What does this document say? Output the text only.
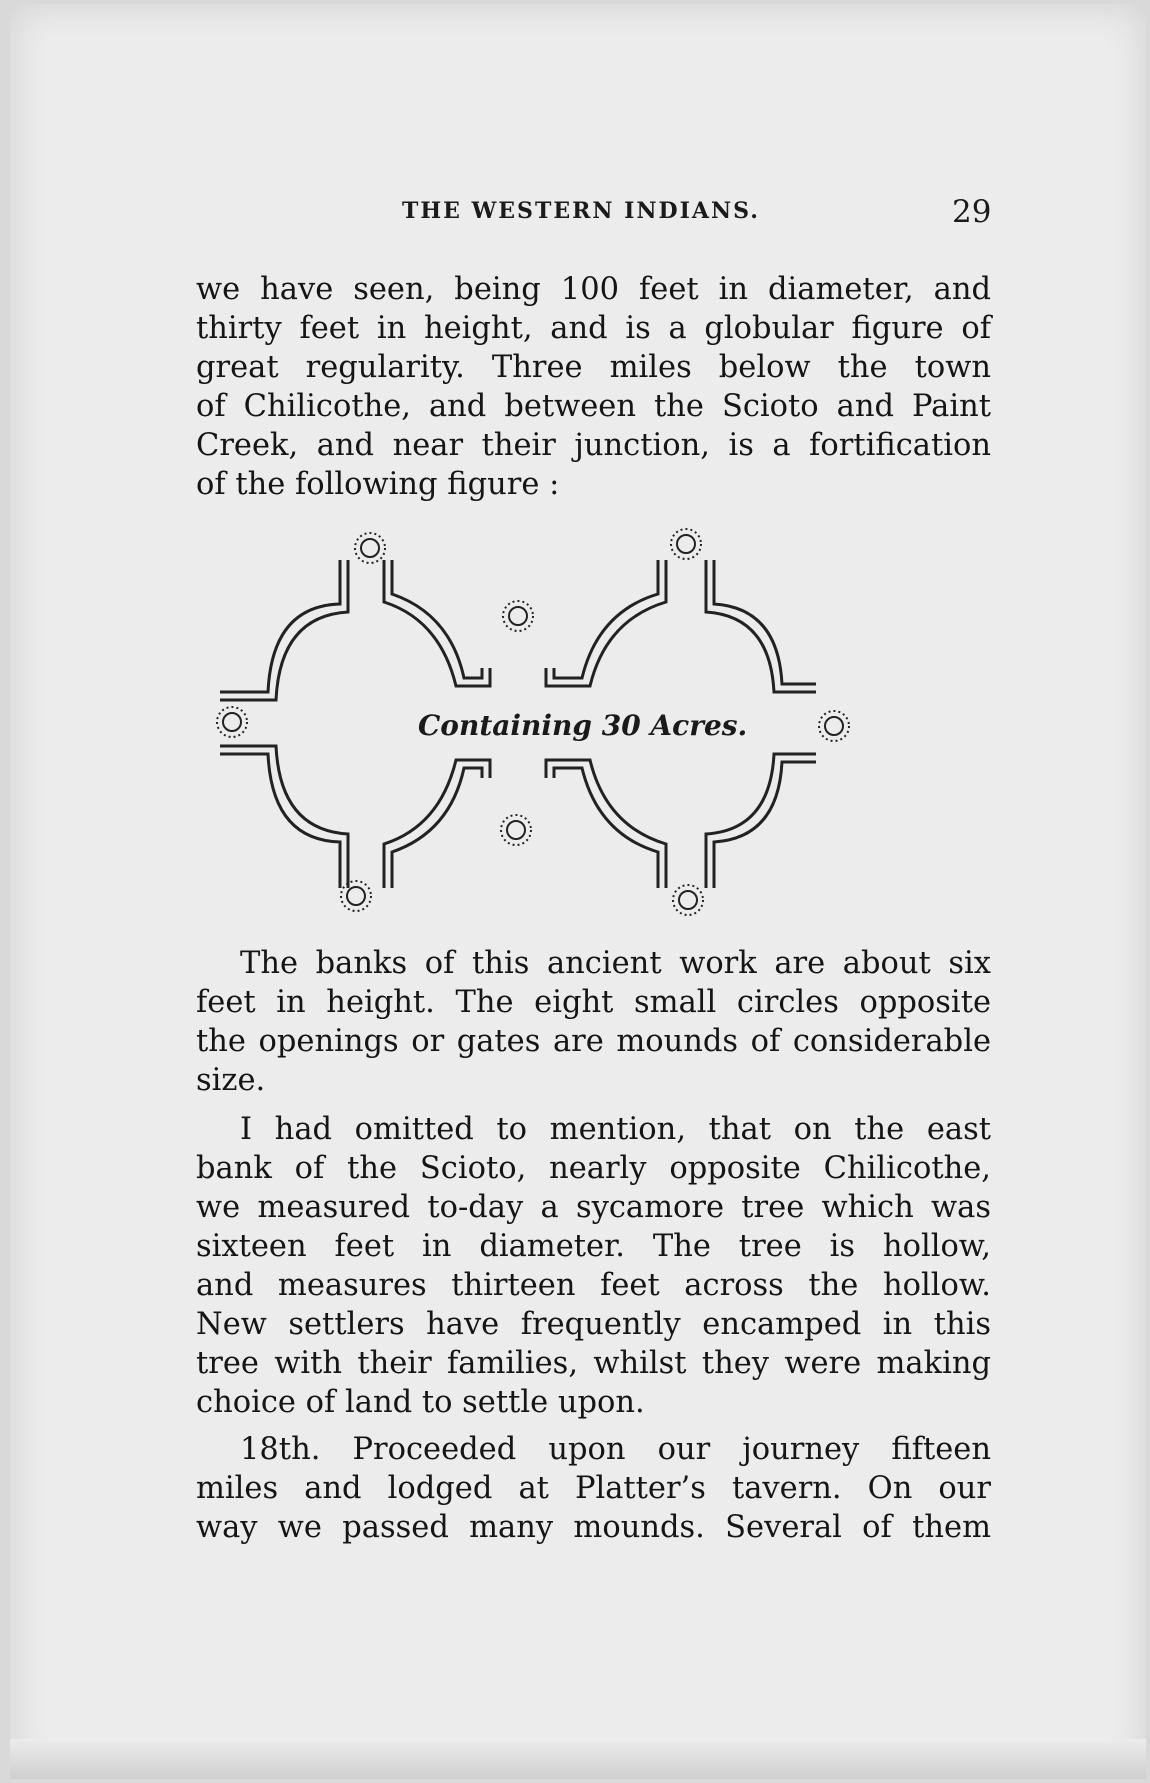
THE WESTERN INDIANS.	29
we have seen, being 100 feet in diameter, and
thirty feet in height, and is a globular figure of
great regularity. Three miles below the town
of Chilicothe, and between the Scioto and Paint
Creek, and near their junction, is a fortification
of the following figure :
Containing 30 Acres.
The banks of this ancient work are about six
feet in height. The eight small circles opposite
the openings or gates are mounds of considerable
size.
I had omitted to mention, that on the east
bank of the Scioto, nearly opposite Chilicothe,
we measured to-day a sycamore tree which was
sixteen feet in diameter. The tree is hollow,
and measures thirteen feet across the hollow.
New settlers have frequently encamped in this
tree with their families, whilst they were making
choice of land to settle upon.
18th. Proceeded upon our journey fifteen
miles and lodged at Platter’s tavern. On our
way we passed many mounds. Several of them
